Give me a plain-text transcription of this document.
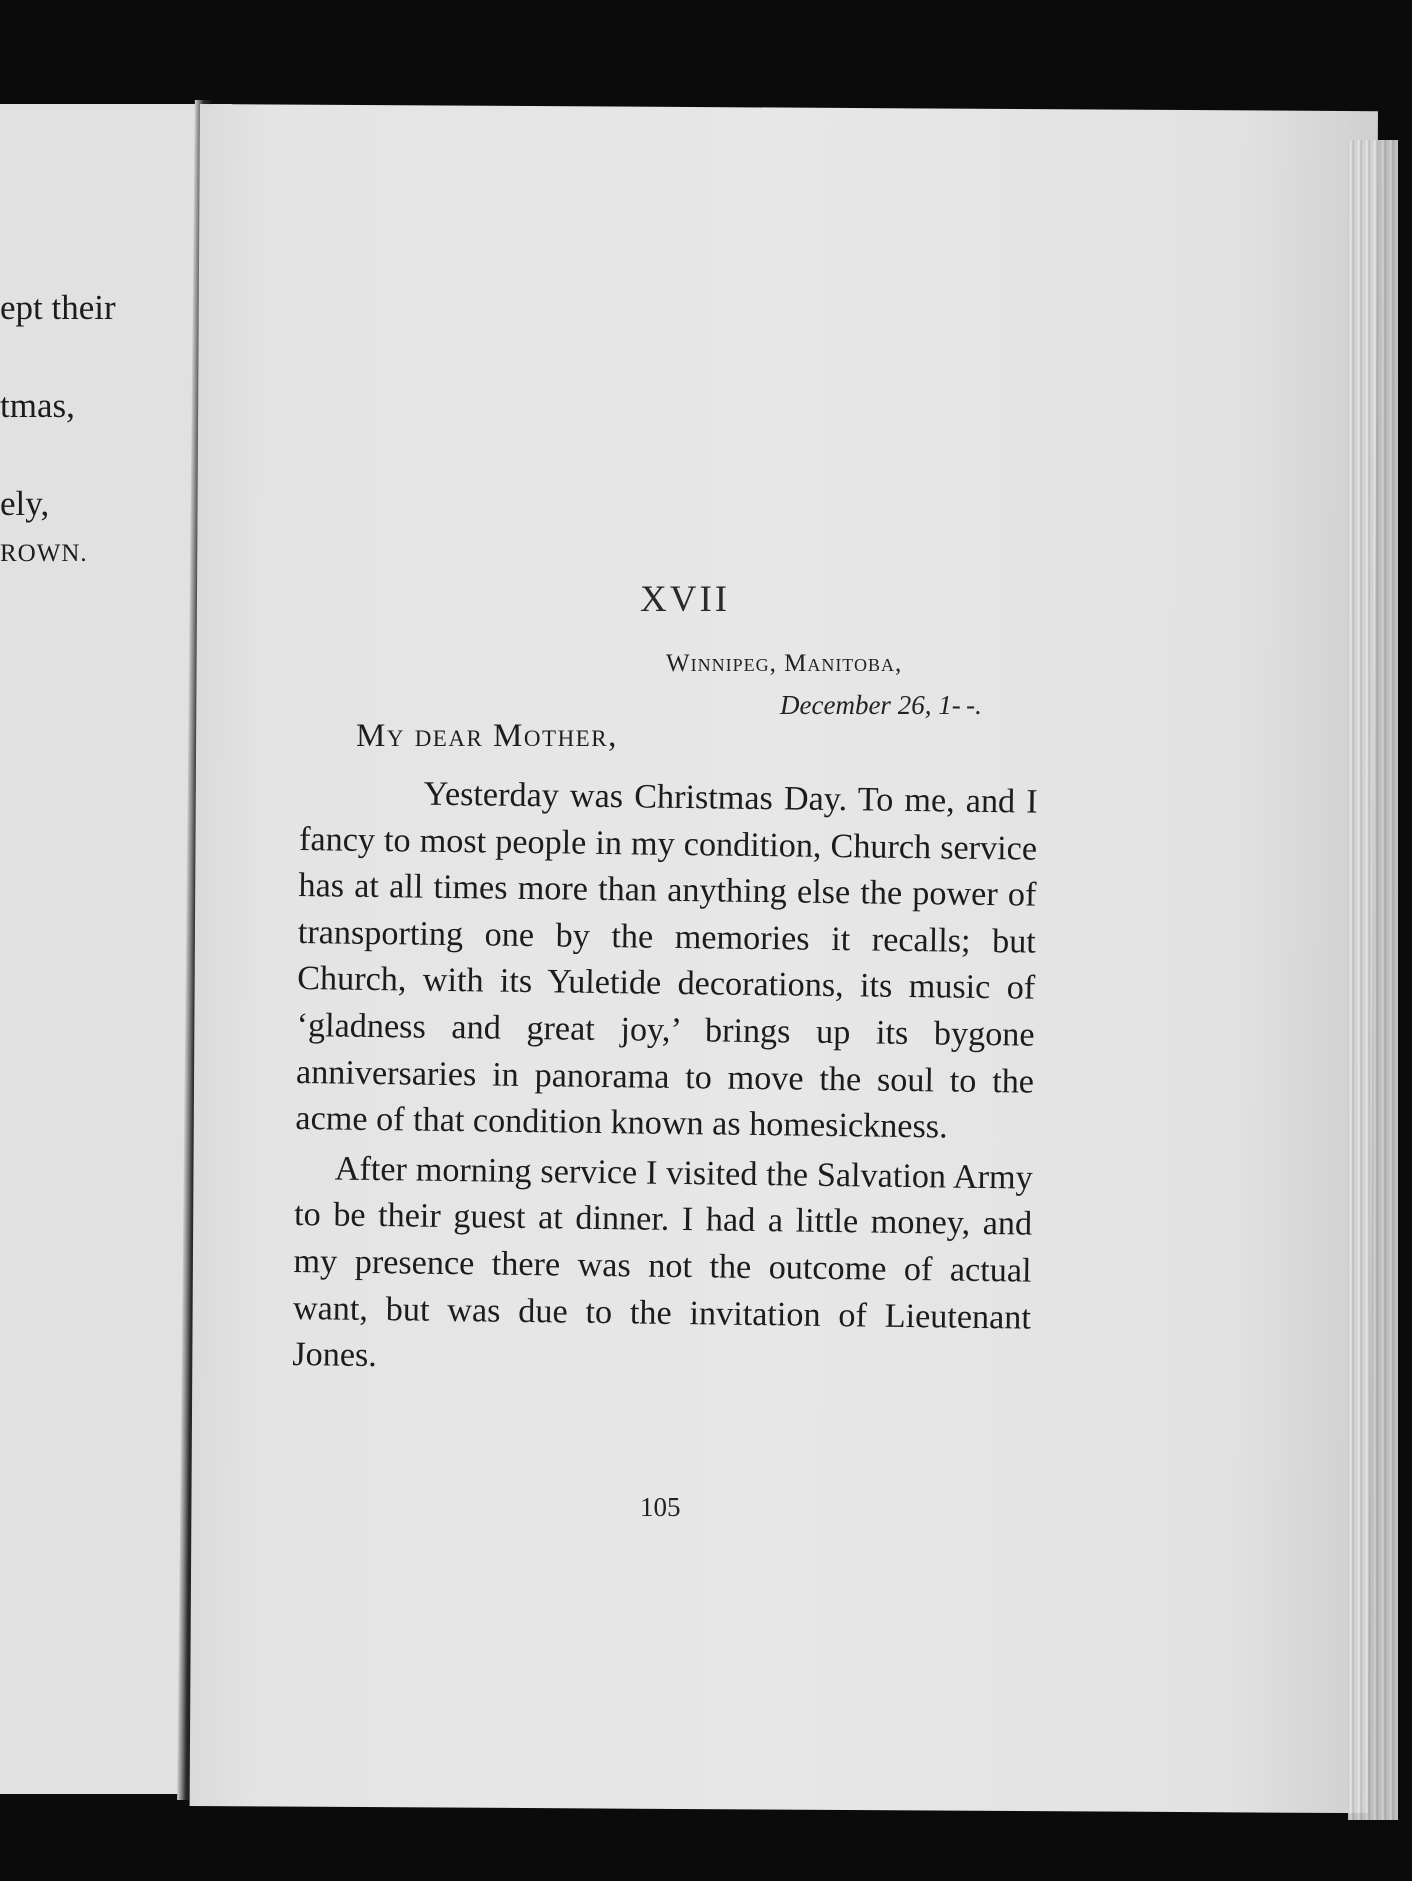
ept their
tmas,
ely,
ROWN.
XVII
Winnipeg, Manitoba,
December 26, 1- -.
My dear Mother,

Yesterday was Christmas Day. To me, and I fancy to most people in my condition, Church service has at all times more than anything else the power of transporting one by the memories it recalls; but Church, with its Yuletide decorations, its music of ‘gladness and great joy,’ brings up its bygone anniversaries in panorama to move the soul to the acme of that condition known as homesickness.

After morning service I visited the Salvation Army to be their guest at dinner. I had a little money, and my presence there was not the outcome of actual want, but was due to the invitation of Lieutenant Jones.

105
